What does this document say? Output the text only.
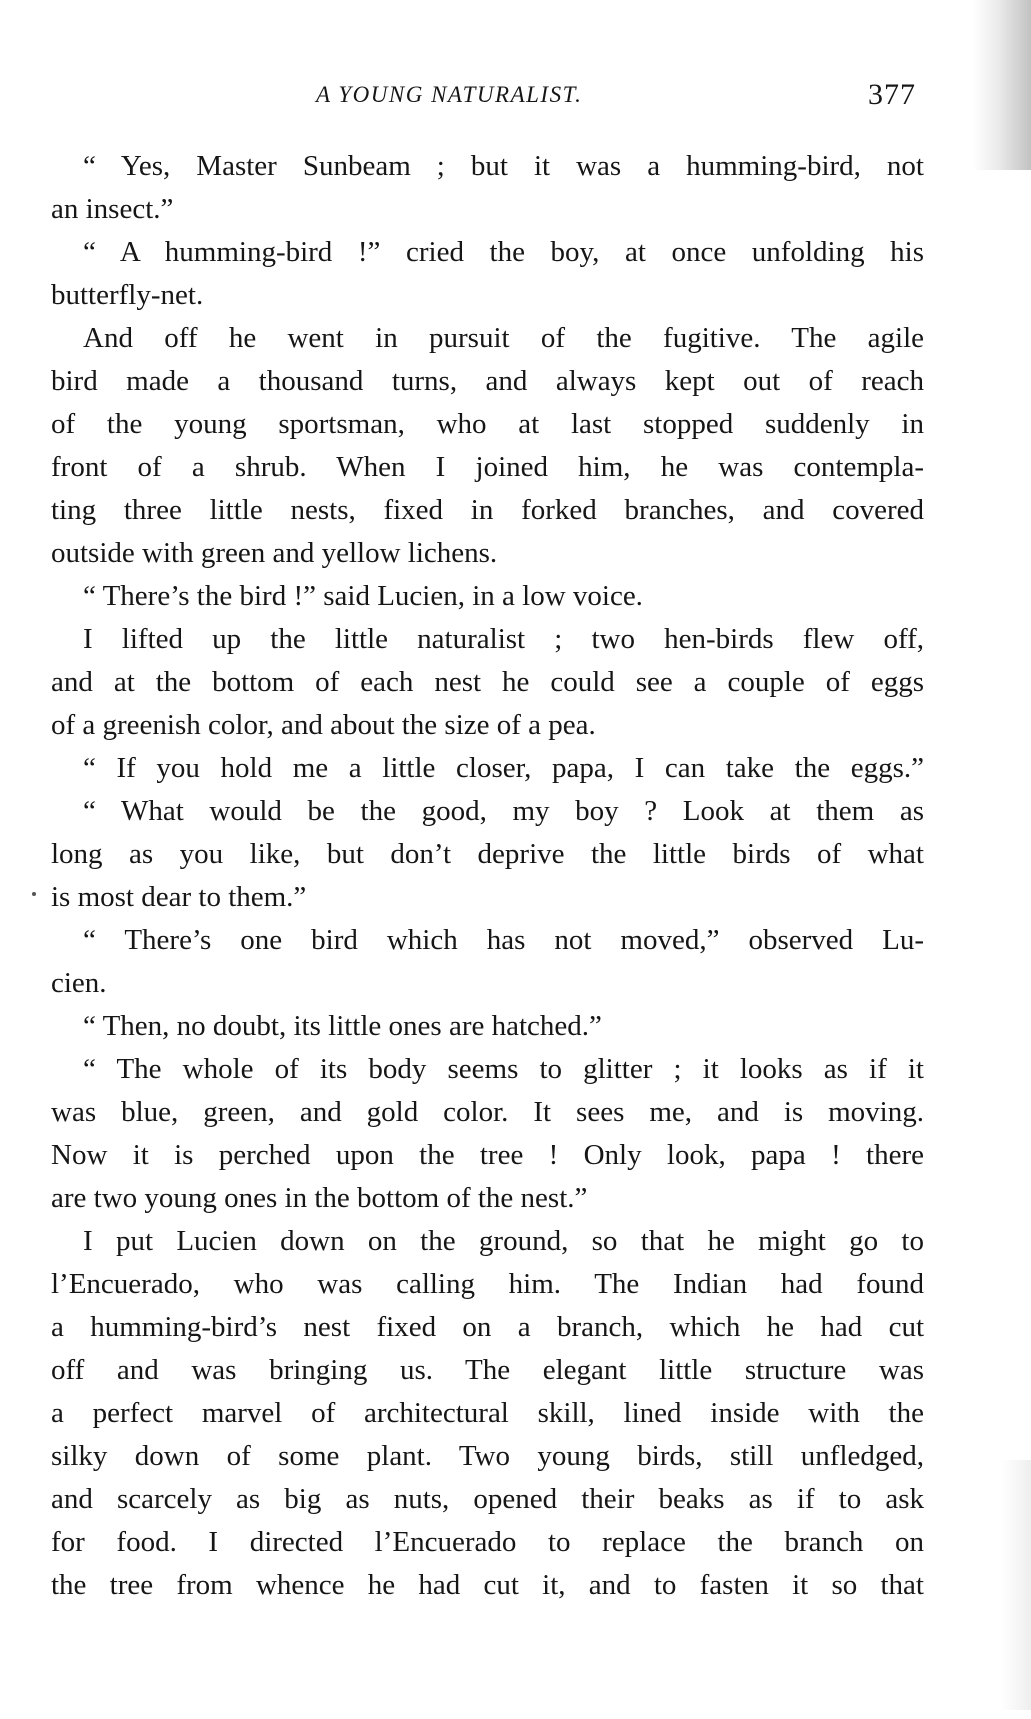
A YOUNG NATURALIST.	377
“ Yes, Master Sunbeam ; but it was a humming-bird, not
an insect.”
“ A humming-bird !” cried the boy, at once unfolding his
butterfly-net.
And off he went in pursuit of the fugitive. The agile
bird made a thousand turns, and always kept out of reach
of the young sportsman, who at last stopped suddenly in
front of a shrub. When I joined him, he was contempla-
ting three little nests, fixed in forked branches, and covered
outside with green and yellow lichens.
“ There’s the bird !” said Lucien, in a low voice.
I lifted up the little naturalist ; two hen-birds flew off,
and at the bottom of each nest he could see a couple of eggs
of a greenish color, and about the size of a pea.
“ If you hold me a little closer, papa, I can take the eggs.”
“ What would be the good, my boy ? Look at them as
long as you like, but don’t deprive the little birds of what
is most dear to them.”
“ There’s one bird which has not moved,” observed Lu-
cien.
“ Then, no doubt, its little ones are hatched.”
“ The whole of its body seems to glitter ; it looks as if it
was blue, green, and gold color. It sees me, and is moving.
Now it is perched upon the tree ! Only look, papa ! there
are two young ones in the bottom of the nest.”
I put Lucien down on the ground, so that he might go to
l’Encuerado, who was calling him. The Indian had found
a humming-bird’s nest fixed on a branch, which he had cut
off and was bringing us. The elegant little structure was
a perfect marvel of architectural skill, lined inside with the
silky down of some plant. Two young birds, still unfledged,
and scarcely as big as nuts, opened their beaks as if to ask
for food. I directed l’Encuerado to replace the branch on
the tree from whence he had cut it, and to fasten it so that
